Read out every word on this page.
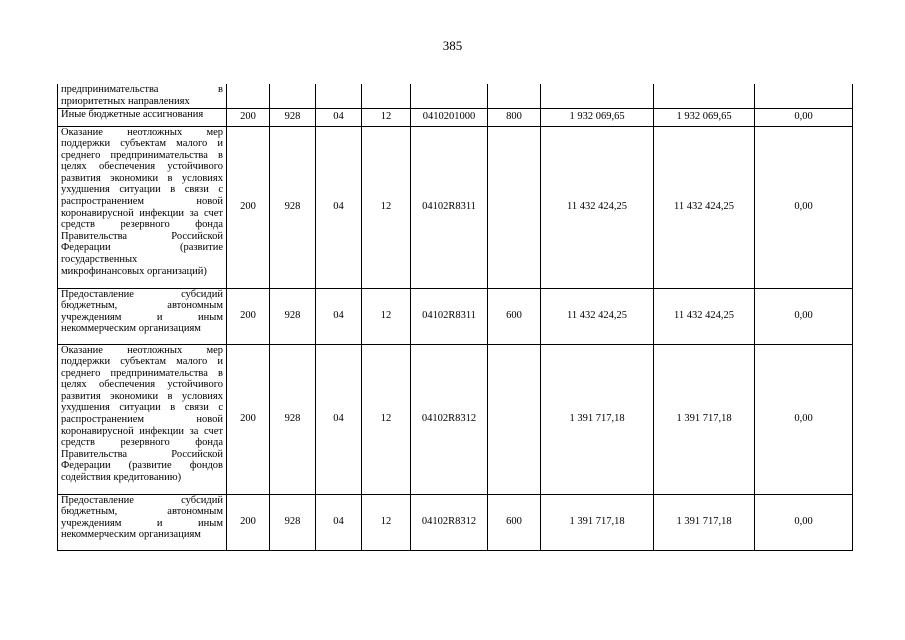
385
предпринимательства в приоритетных направлениях									
Иные бюджетные ассигнования	200	928	04	12	0410201000	800	1 932 069,65	1 932 069,65	0,00
Оказание неотложных мер поддержки субъектам малого и среднего предпринимательства в целях обеспечения устойчивого развития экономики в условиях ухудшения ситуации в связи с распространением новой коронавирусной инфекции за счет средств резервного фонда Правительства Российской Федерации (развитие государственных микрофинансовых организаций)	200	928	04	12	04102R8311		11 432 424,25	11 432 424,25	0,00
Предоставление субсидий бюджетным, автономным учреждениям и иным некоммерческим организациям	200	928	04	12	04102R8311	600	11 432 424,25	11 432 424,25	0,00
Оказание неотложных мер поддержки субъектам малого и среднего предпринимательства в целях обеспечения устойчивого развития экономики в условиях ухудшения ситуации в связи с распространением новой коронавирусной инфекции за счет средств резервного фонда Правительства Российской Федерации (развитие фондов содействия кредитованию)	200	928	04	12	04102R8312		1 391 717,18	1 391 717,18	0,00
Предоставление субсидий бюджетным, автономным учреждениям и иным некоммерческим организациям	200	928	04	12	04102R8312	600	1 391 717,18	1 391 717,18	0,00
